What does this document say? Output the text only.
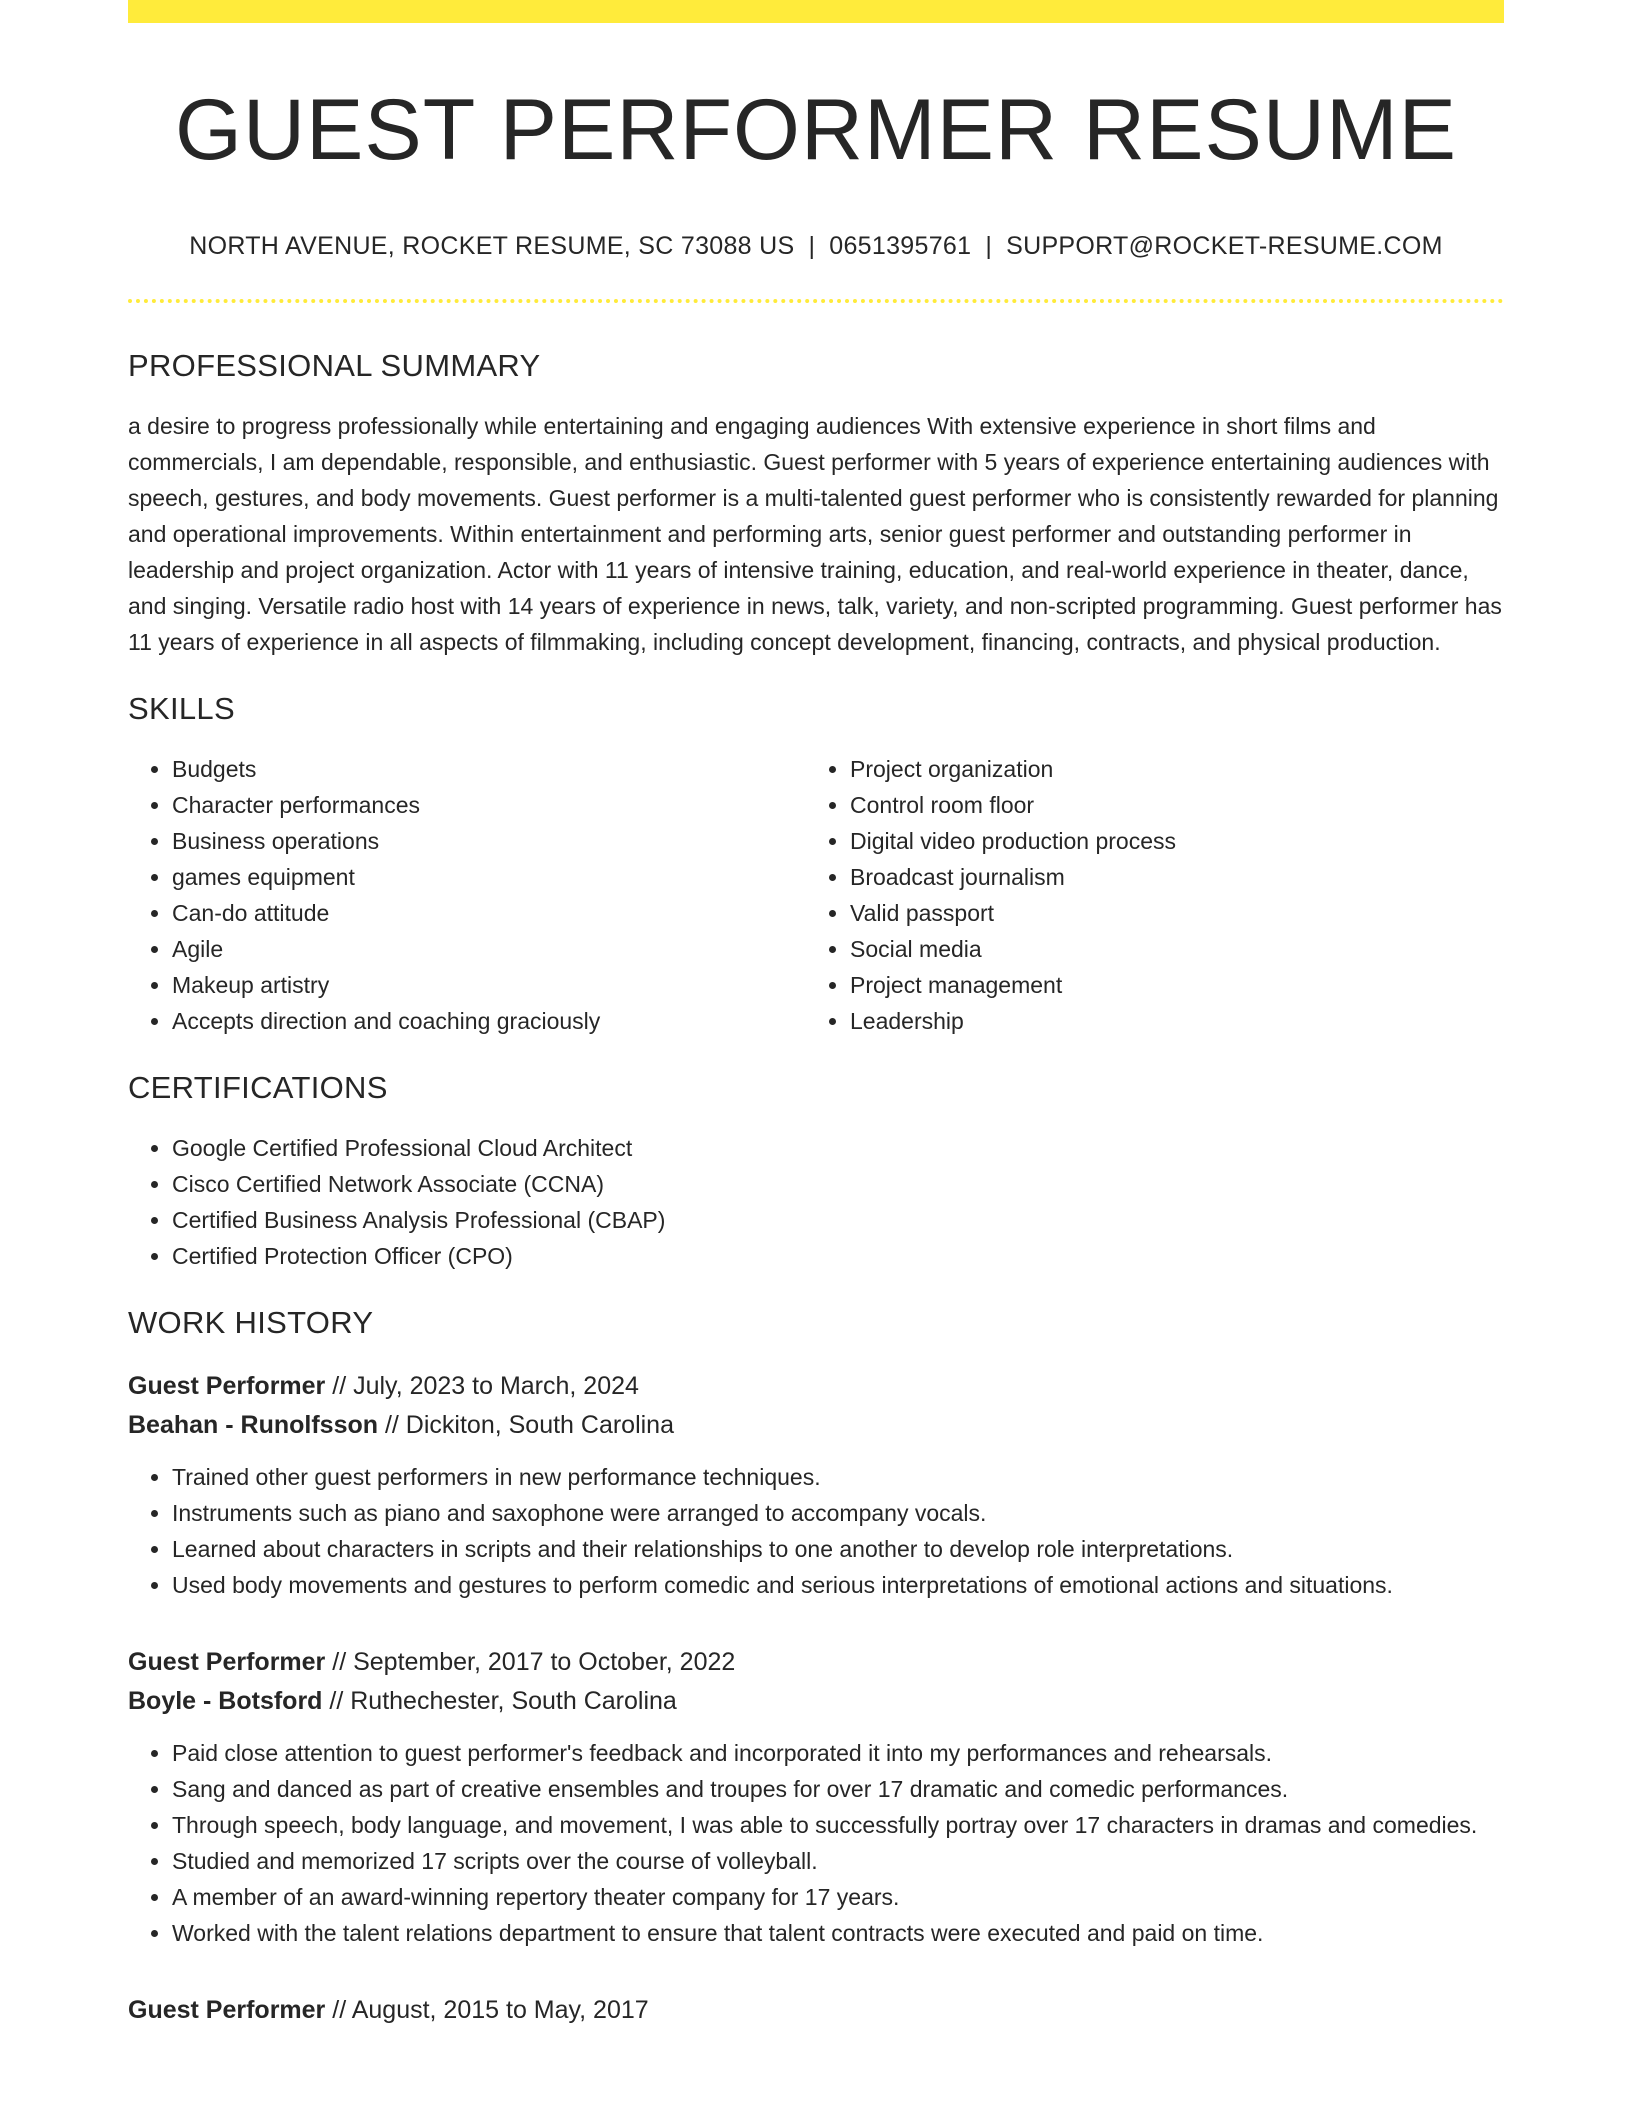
GUEST PERFORMER RESUME
NORTH AVENUE, ROCKET RESUME, SC 73088 US | 0651395761 | SUPPORT@ROCKET-RESUME.COM
PROFESSIONAL SUMMARY

a desire to progress professionally while entertaining and engaging audiences With extensive experience in short films and commercials, I am dependable, responsible, and enthusiastic. Guest performer with 5 years of experience entertaining audiences with speech, gestures, and body movements. Guest performer is a multi-talented guest performer who is consistently rewarded for planning and operational improvements. Within entertainment and performing arts, senior guest performer and outstanding performer in leadership and project organization. Actor with 11 years of intensive training, education, and real-world experience in theater, dance, and singing. Versatile radio host with 14 years of experience in news, talk, variety, and non-scripted programming. Guest performer has 11 years of experience in all aspects of filmmaking, including concept development, financing, contracts, and physical production.

SKILLS
• Budgets
• Character performances
• Business operations
• games equipment
• Can-do attitude
• Agile
• Makeup artistry
• Accepts direction and coaching graciously
• Project organization
• Control room floor
• Digital video production process
• Broadcast journalism
• Valid passport
• Social media
• Project management
• Leadership
CERTIFICATIONS
• Google Certified Professional Cloud Architect
• Cisco Certified Network Associate (CCNA)
• Certified Business Analysis Professional (CBAP)
• Certified Protection Officer (CPO)
WORK HISTORY
Guest Performer // July, 2023 to March, 2024
Beahan - Runolfsson // Dickiton, South Carolina
• Trained other guest performers in new performance techniques.
• Instruments such as piano and saxophone were arranged to accompany vocals.
• Learned about characters in scripts and their relationships to one another to develop role interpretations.
• Used body movements and gestures to perform comedic and serious interpretations of emotional actions and situations.
Guest Performer // September, 2017 to October, 2022
Boyle - Botsford // Ruthechester, South Carolina
• Paid close attention to guest performer's feedback and incorporated it into my performances and rehearsals.
• Sang and danced as part of creative ensembles and troupes for over 17 dramatic and comedic performances.
• Through speech, body language, and movement, I was able to successfully portray over 17 characters in dramas and comedies.
• Studied and memorized 17 scripts over the course of volleyball.
• A member of an award-winning repertory theater company for 17 years.
• Worked with the talent relations department to ensure that talent contracts were executed and paid on time.
Guest Performer // August, 2015 to May, 2017
